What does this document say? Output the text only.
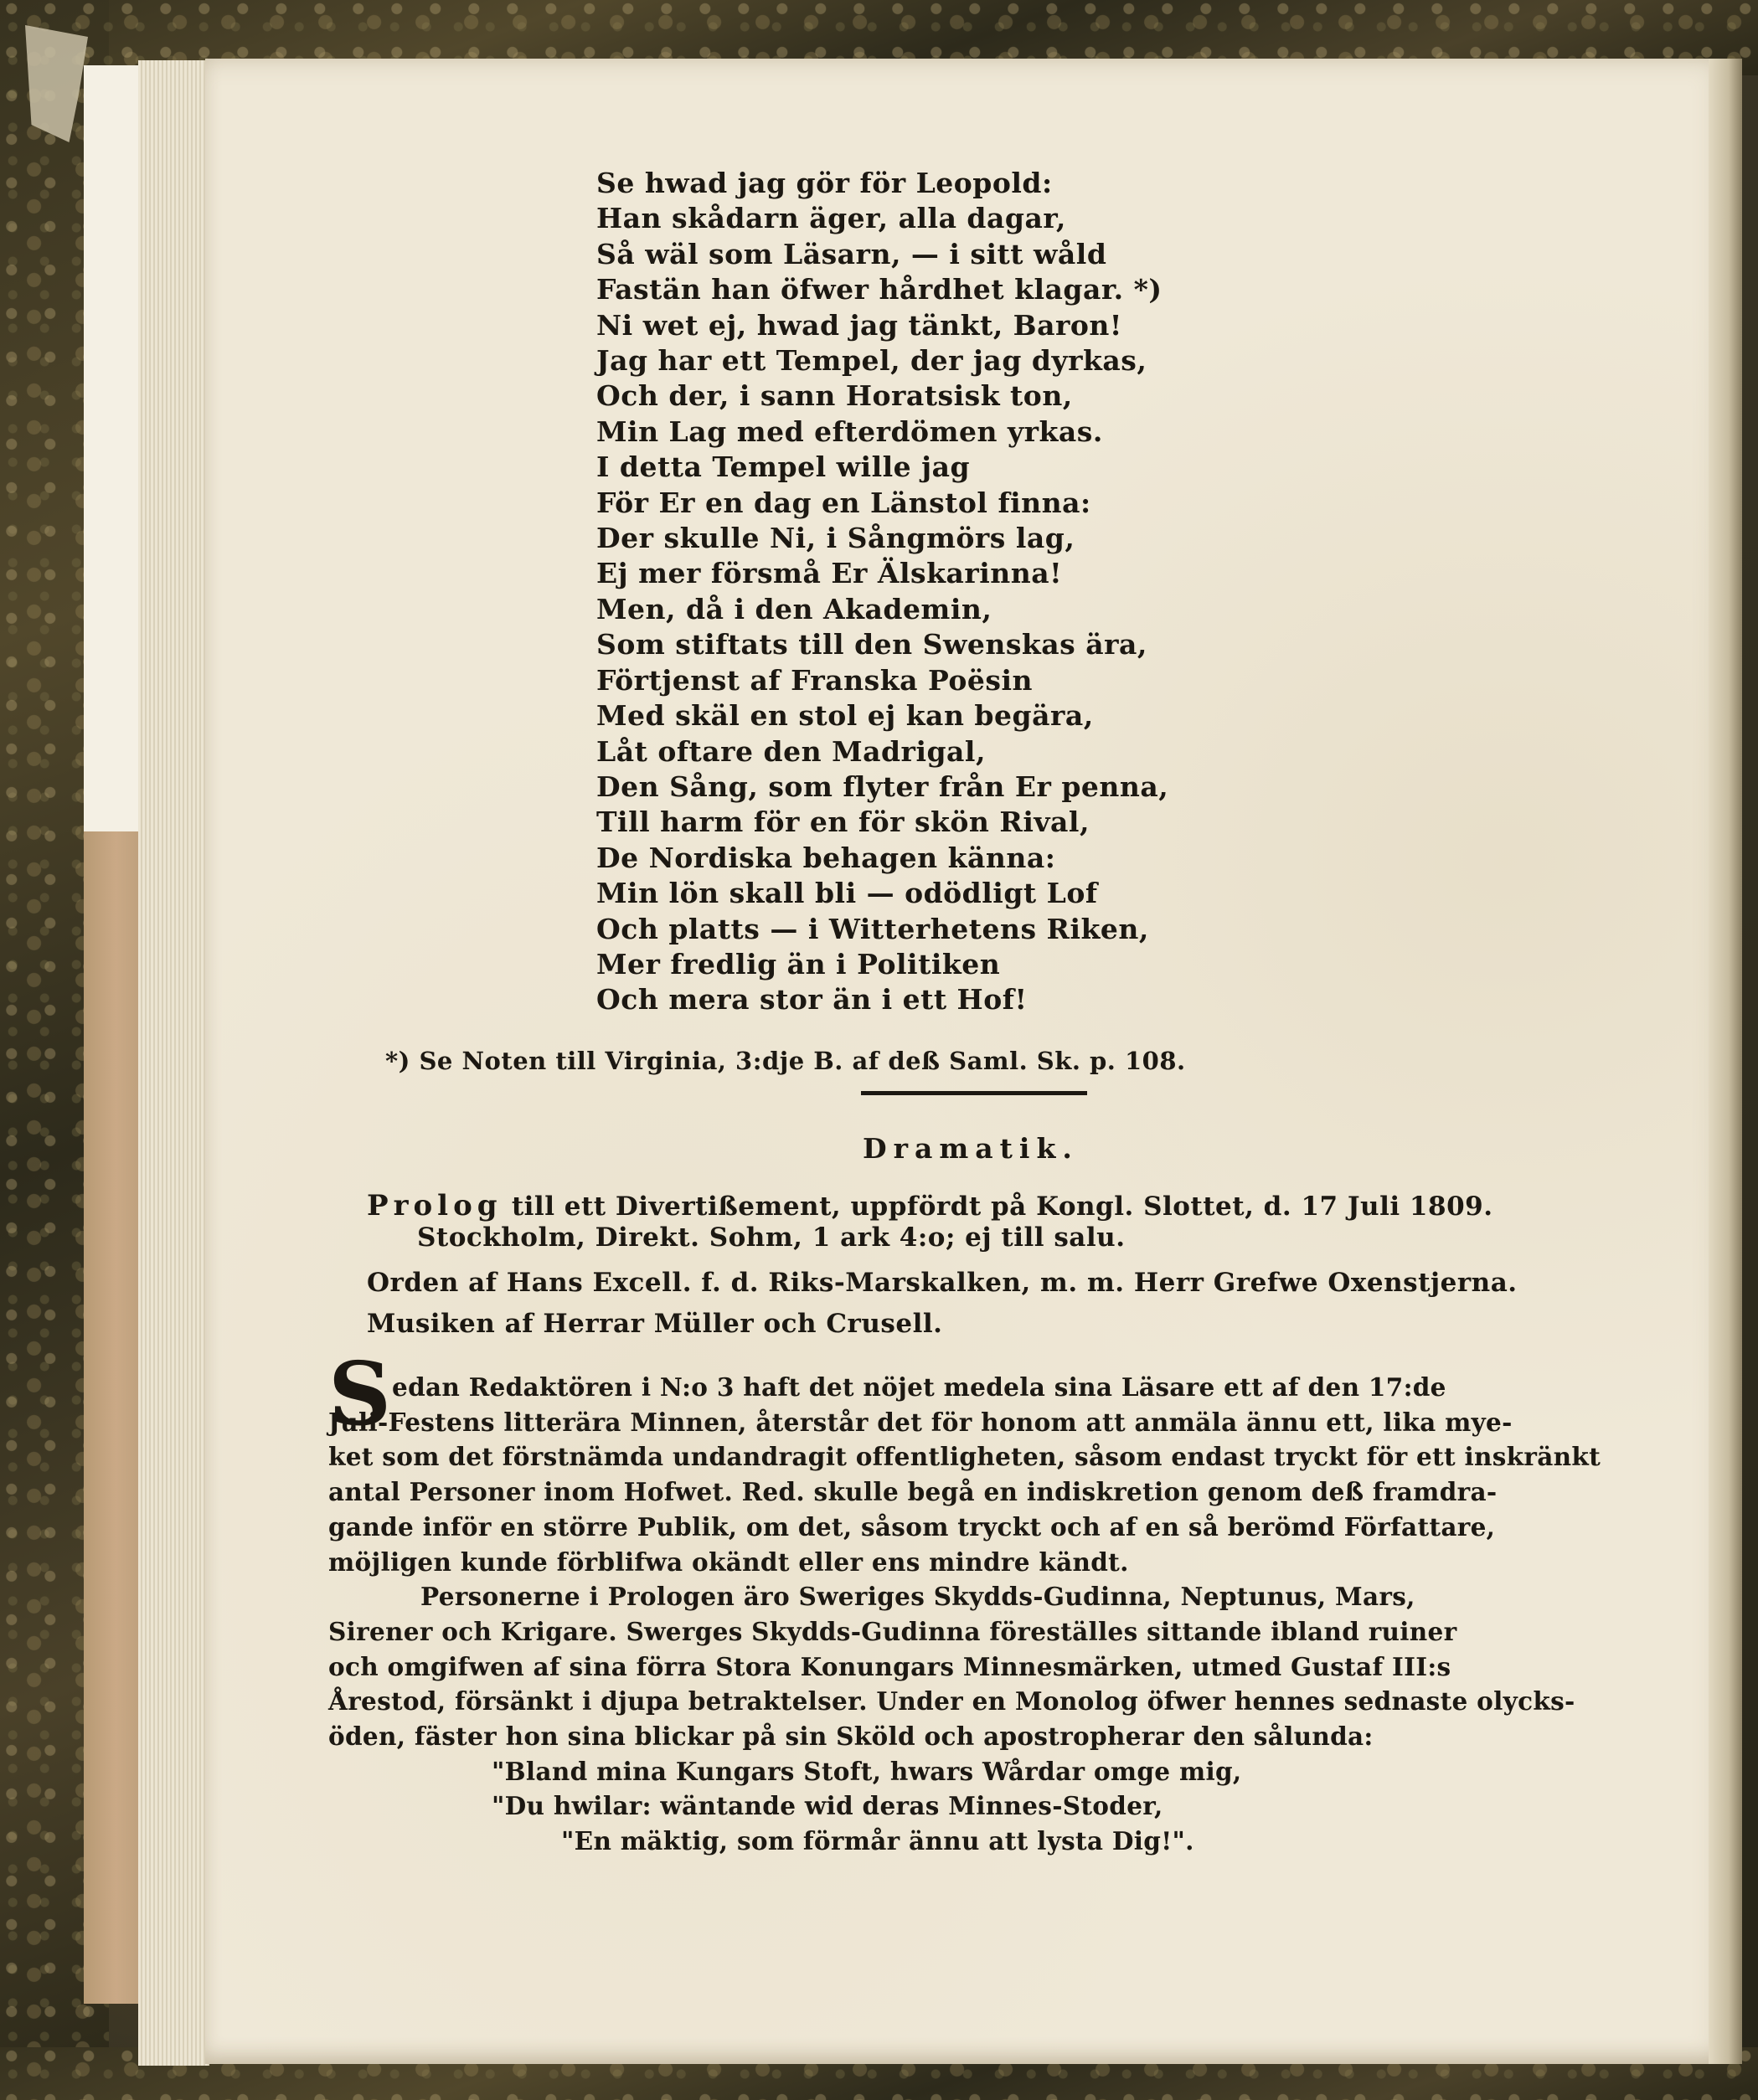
Se hwad jag gör för Leopold:
Han skådarn äger, alla dagar,
Så wäl som Läsarn, — i sitt wåld
Fastän han öfwer hårdhet klagar. *)
Ni wet ej, hwad jag tänkt, Baron!
Jag har ett Tempel, der jag dyrkas,
Och der, i sann Horatsisk ton,
Min Lag med efterdömen yrkas.
I detta Tempel wille jag
För Er en dag en Länstol finna:
Der skulle Ni, i Sångmörs lag,
Ej mer försmå Er Älskarinna!
Men, då i den Akademin,
Som stiftats till den Swenskas ära,
Förtjenst af Franska Poësin
Med skäl en stol ej kan begära,
Låt oftare den Madrigal,
Den Sång, som flyter från Er penna,
Till harm för en för skön Rival,
De Nordiska behagen känna:
Min lön skall bli — odödligt Lof
Och platts — i Witterhetens Riken,
Mer fredlig än i Politiken
Och mera stor än i ett Hof!
*) Se Noten till Virginia, 3:dje B. af deß Saml. Sk. p. 108.
Dramatik.
Prolog till ett Divertißement, uppfördt på Kongl. Slottet, d. 17 Juli 1809.
Stockholm, Direkt. Sohm, 1 ark 4:o; ej till salu.
Orden af Hans Excell. f. d. Riks-Marskalken, m. m. Herr Grefwe Oxenstjerna.
Musiken af Herrar Müller och Crusell.
S edan Redaktören i N:o 3 haft det nöjet medela sina Läsare ett af den 17:de
Juli-Festens litterära Minnen, återstår det för honom att anmäla ännu ett, lika mye-
ket som det förstnämda undandragit offentligheten, såsom endast tryckt för ett inskränkt
antal Personer inom Hofwet. Red. skulle begå en indiskretion genom deß framdra-
gande inför en större Publik, om det, såsom tryckt och af en så berömd Författare,
möjligen kunde förblifwa okändt eller ens mindre kändt.
Personerne i Prologen äro Sweriges Skydds-Gudinna, Neptunus, Mars,
Sirener och Krigare. Swerges Skydds-Gudinna föreställes sittande ibland ruiner
och omgifwen af sina förra Stora Konungars Minnesmärken, utmed Gustaf III:s
Årestod, försänkt i djupa betraktelser. Under en Monolog öfwer hennes sednaste olycks-
öden, fäster hon sina blickar på sin Sköld och apostropherar den sålunda:
"Bland mina Kungars Stoft, hwars Wårdar omge mig,
"Du hwilar: wäntande wid deras Minnes-Stoder,
"En mäktig, som förmår ännu att lysta Dig!".
